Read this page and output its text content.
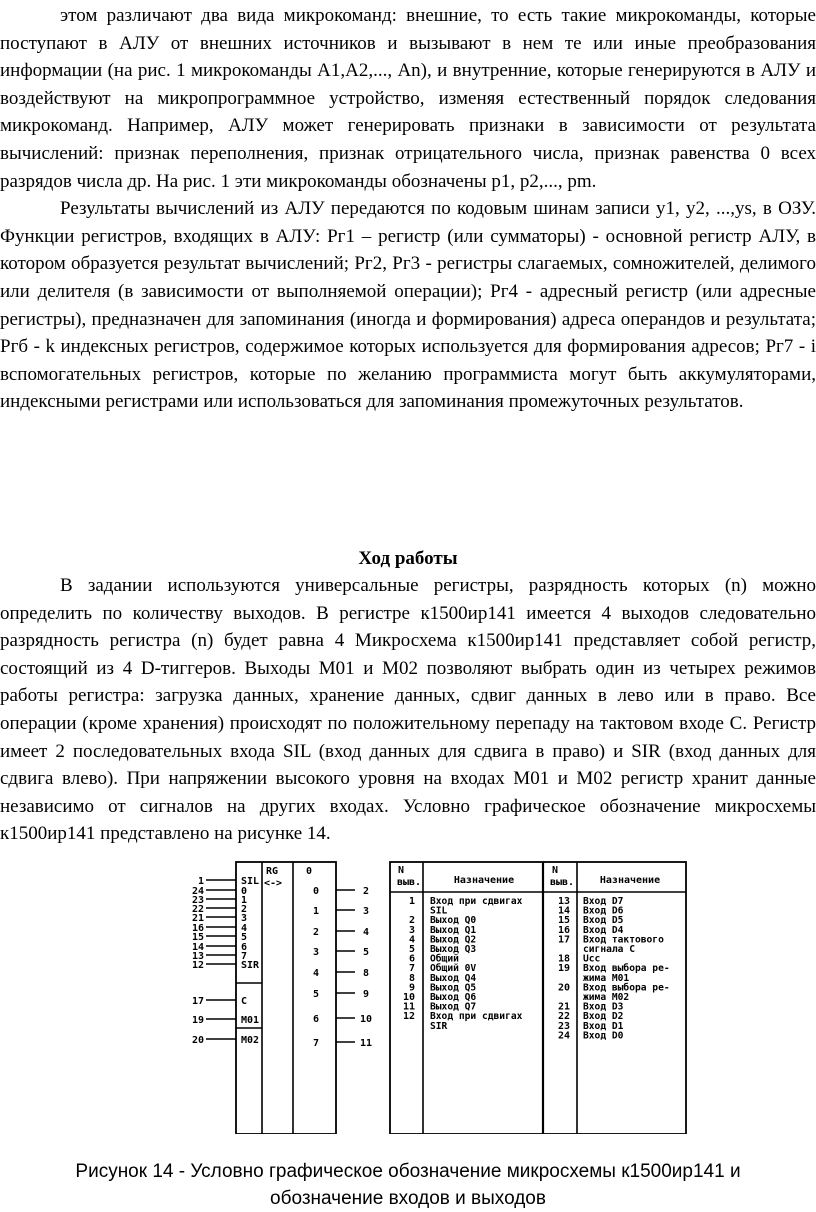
этом различают два вида микрокоманд: внешние, то есть такие микрокоманды, которые поступают в АЛУ от внешних источников и вызывают в нем те или иные преобразования информации (на рис. 1 микрокоманды А1,А2,..., Аn), и внутренние, которые генерируются в АЛУ и воздействуют на микропрограммное устройство, изменяя естественный порядок следования микрокоманд. Например, АЛУ может генерировать признаки в зависимости от результата вычислений: признак переполнения, признак отрицательного числа, признак равенства 0 всех разрядов числа др. На рис. 1 эти микрокоманды обозначены р1, р2,..., pm.

Результаты вычислений из АЛУ передаются по кодовым шинам записи у1, у2, ...,ys, в ОЗУ. Функции регистров, входящих в АЛУ: Рг1 – регистр (или сумматоры) - основной регистр АЛУ, в котором образуется результат вычислений; Рг2, Рг3 - регистры слагаемых, сомножителей, делимого или делителя (в зависимости от выполняемой операции); Рг4 - адресный регистр (или адресные регистры), предназначен для запоминания (иногда и формирования) адреса операндов и результата; Ргб - k индексных регистров, содержимое которых используется для формирования адресов; Рг7 - i вспомогательных регистров, которые по желанию программиста могут быть аккумуляторами, индексными регистрами или использоваться для запоминания промежуточных результатов.

Ход работы

В задании используются универсальные регистры, разрядность которых (n) можно определить по количеству выходов. В регистре к1500ир141 имеется 4 выходов следовательно разрядность регистра (n) будет равна 4 Микросхема к1500ир141 представляет собой регистр, состоящий из 4 D-тиггеров. Выходы М01 и М02 позволяют выбрать один из четырех режимов работы регистра: загрузка данных, хранение данных, сдвиг данных в лево или в право. Все операции (кроме хранения) происходят по положительному перепаду на тактовом входе С. Регистр имеет 2 последовательных входа SIL (вход данных для сдвига в право) и SIR (вход данных для сдвига влево). При напряжении высокого уровня на входах М01 и М02 регистр хранит данные независимо от сигналов на других входах. Условно графическое обозначение микросхемы к1500ир141 представлено на рисунке 14.

RG
<->
0
1	SIL
24	0
23	1
22	2
21	3
16	4
15	5
14	6
13	7
12	SIR
17	C
19	M01
20	M02
0	2
1	3
2	4
3	5
4	8
5	9
6	10
7	11
N
выв.	Назначение
N
выв.	Назначение
1 Вход при сдвигах
SIL
2 Выход Q0
3 Выход Q1
4 Выход Q2
5 Выход Q3
6 Общий
7 Общий 0V
8 Выход Q4
9 Выход Q5
10 Выход Q6
11 Выход Q7
12 Вход при сдвигах
SIR
13 Вход D7
14 Вход D6
15 Вход D5
16 Вход D4
17 Вход тактового
сигнала С
18 Ucc
19 Вход выбора ре-
жима М01
20 Вход выбора ре-
жима М02
21 Вход D3
22 Вход D2
23 Вход D1
24 Вход D0
Рисунок 14 - Условно графическое обозначение микросхемы к1500ир141 и
обозначение входов и выходов
